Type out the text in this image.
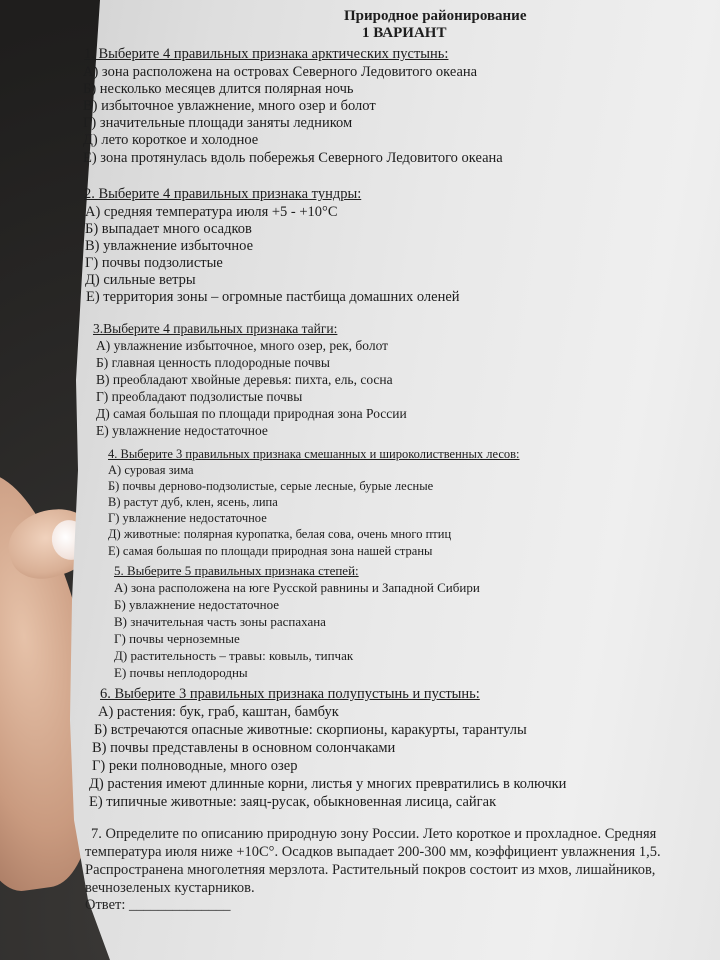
Природное районирование
1 ВАРИАНТ
1. Выберите 4 правильных признака арктических пустынь:
А) зона расположена на островах Северного Ледовитого океана
Б) несколько месяцев длится полярная ночь
В) избыточное увлажнение, много озер и болот
Г) значительные площади заняты ледником
Д) лето короткое и холодное
Е) зона протянулась вдоль побережья Северного Ледовитого океана
2. Выберите 4 правильных признака тундры:
А) средняя температура июля +5 - +10°C
Б) выпадает много осадков
В) увлажнение избыточное
Г) почвы подзолистые
Д) сильные ветры
Е) территория зоны – огромные пастбища домашних оленей
3.Выберите 4 правильных признака тайги:
А) увлажнение избыточное, много озер, рек, болот
Б) главная ценность плодородные почвы
В) преобладают хвойные деревья: пихта, ель, сосна
Г) преобладают подзолистые почвы
Д) самая большая по площади природная зона России
Е) увлажнение недостаточное
4. Выберите 3 правильных признака смешанных и широколиственных лесов:
А) суровая зима
Б) почвы дерново-подзолистые, серые лесные, бурые лесные
В) растут дуб, клен, ясень, липа
Г) увлажнение недостаточное
Д) животные: полярная куропатка, белая сова, очень много птиц
Е) самая большая по площади природная зона нашей страны
5. Выберите 5 правильных признака степей:
А) зона расположена на юге Русской равнины и Западной Сибири
Б) увлажнение недостаточное
В) значительная часть зоны распахана
Г) почвы черноземные
Д) растительность – травы: ковыль, типчак
Е) почвы неплодородны
6. Выберите 3 правильных признака полупустынь и пустынь:
А) растения: бук, граб, каштан, бамбук
Б) встречаются опасные животные: скорпионы, каракурты, тарантулы
В) почвы представлены в основном солончаками
Г) реки полноводные, много озер
Д) растения имеют длинные корни, листья у многих превратились в колючки
Е) типичные животные: заяц-русак, обыкновенная лисица, сайгак
7. Определите по описанию природную зону России. Лето короткое и прохладное. Средняя
температура июля ниже +10С°. Осадков выпадает 200-300 мм, коэффициент увлажнения 1,5.
Распространена многолетняя мерзлота. Растительный покров состоит из мхов, лишайников,
вечнозеленых кустарников.
Ответ: ______________
